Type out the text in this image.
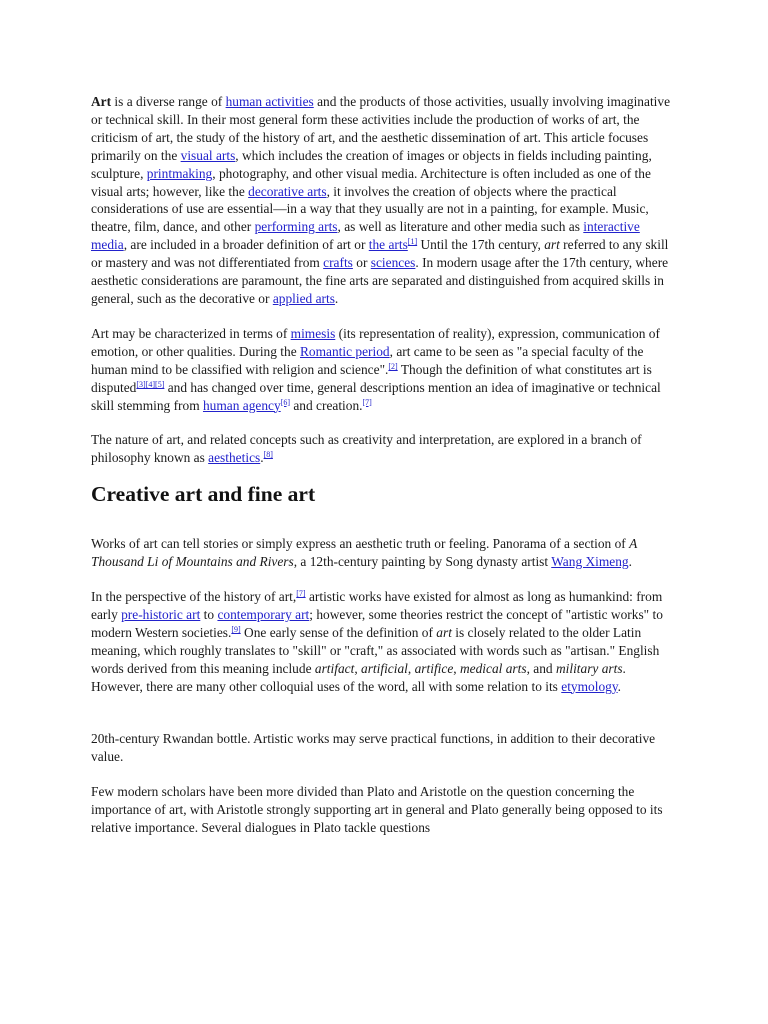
Art is a diverse range of human activities and the products of those activities, usually involving imaginative or technical skill. In their most general form these activities include the production of works of art, the criticism of art, the study of the history of art, and the aesthetic dissemination of art. This article focuses primarily on the visual arts, which includes the creation of images or objects in fields including painting, sculpture, printmaking, photography, and other visual media. Architecture is often included as one of the visual arts; however, like the decorative arts, it involves the creation of objects where the practical considerations of use are essential—in a way that they usually are not in a painting, for example. Music, theatre, film, dance, and other performing arts, as well as literature and other media such as interactive media, are included in a broader definition of art or the arts[1] Until the 17th century, art referred to any skill or mastery and was not differentiated from crafts or sciences. In modern usage after the 17th century, where aesthetic considerations are paramount, the fine arts are separated and distinguished from acquired skills in general, such as the decorative or applied arts.

Art may be characterized in terms of mimesis (its representation of reality), expression, communication of emotion, or other qualities. During the Romantic period, art came to be seen as "a special faculty of the human mind to be classified with religion and science".[2] Though the definition of what constitutes art is disputed[3][4][5] and has changed over time, general descriptions mention an idea of imaginative or technical skill stemming from human agency[6] and creation.[7]

The nature of art, and related concepts such as creativity and interpretation, are explored in a branch of philosophy known as aesthetics.[8]

Creative art and fine art

Works of art can tell stories or simply express an aesthetic truth or feeling. Panorama of a section of A Thousand Li of Mountains and Rivers, a 12th-century painting by Song dynasty artist Wang Ximeng.

In the perspective of the history of art,[7] artistic works have existed for almost as long as humankind: from early pre-historic art to contemporary art; however, some theories restrict the concept of "artistic works" to modern Western societies.[9] One early sense of the definition of art is closely related to the older Latin meaning, which roughly translates to "skill" or "craft," as associated with words such as "artisan." English words derived from this meaning include artifact, artificial, artifice, medical arts, and military arts. However, there are many other colloquial uses of the word, all with some relation to its etymology.

20th-century Rwandan bottle. Artistic works may serve practical functions, in addition to their decorative value.

Few modern scholars have been more divided than Plato and Aristotle on the question concerning the importance of art, with Aristotle strongly supporting art in general and Plato generally being opposed to its relative importance. Several dialogues in Plato tackle questions
